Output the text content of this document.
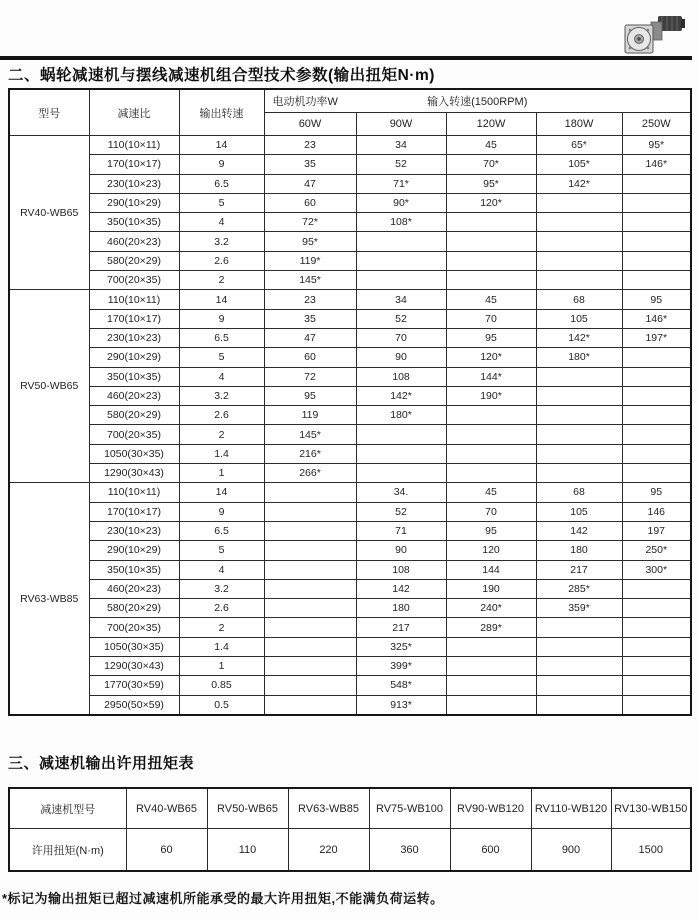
二、蜗轮减速机与摆线减速机组合型技术参数(输出扭矩N·m)
型号	减速比	输出转速	电动机功率W 输入转速(1500RPM)				

			60W	90W	120W	180W	250W
RV40-WB65	110(10×11)	14	23	34	45	65*	95*
	170(10×17)	9	35	52	70*	105*	146*
	230(10×23)	6.5	47	71*	95*	142*	
	290(10×29)	5	60	90*	120*		
	350(10×35)	4	72*	108*			
	460(20×23)	3.2	95*				
	580(20×29)	2.6	119*				
	700(20×35)	2	145*				
RV50-WB65	110(10×11)	14	23	34	45	68	95
	170(10×17)	9	35	52	70	105	146*
	230(10×23)	6.5	47	70	95	142*	197*
	290(10×29)	5	60	90	120*	180*	
	350(10×35)	4	72	108	144*		
	460(20×23)	3.2	95	142*	190*		
	580(20×29)	2.6	119	180*			
	700(20×35)	2	145*				
	1050(30×35)	1.4	216*				
	1290(30×43)	1	266*				
RV63-WB85	110(10×11)	14		34.	45	68	95
	170(10×17)	9		52	70	105	146
	230(10×23)	6.5		71	95	142	197
	290(10×29)	5		90	120	180	250*
	350(10×35)	4		108	144	217	300*
	460(20×23)	3.2		142	190	285*	
	580(20×29)	2.6		180	240*	359*	
	700(20×35)	2		217	289*		
	1050(30×35)	1.4		325*			
	1290(30×43)	1		399*			
	1770(30×59)	0.85		548*			
	2950(50×59)	0.5		913*			
三、减速机输出许用扭矩表
减速机型号	RV40-WB65	RV50-WB65	RV63-WB85	RV75-WB100	RV90-WB120	RV110-WB120	RV130-WB150
许用扭矩(N·m)	60	110	220	360	600	900	1500
*标记为输出扭矩已超过减速机所能承受的最大许用扭矩,不能满负荷运转。
